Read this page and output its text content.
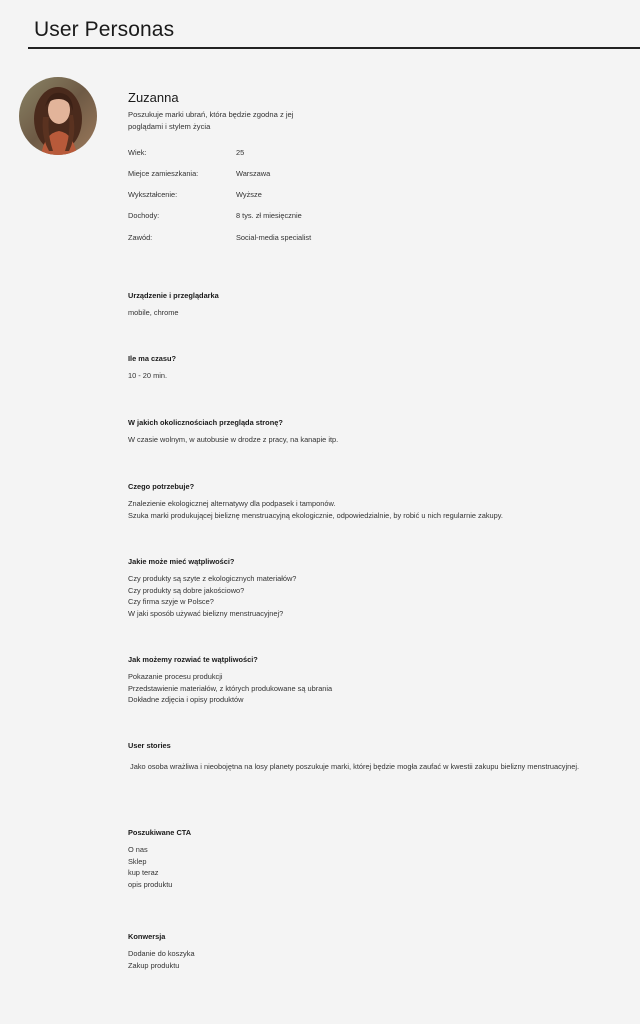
User Personas
Zuzanna
Poszukuje marki ubrań, która będzie zgodna z jej poglądami i stylem życia
Wiek:	25
Miejce zamieszkania:	Warszawa
Wykształcenie:	Wyższe
Dochody:	8 tys. zł miesięcznie
Zawód:	Social-media specialist
Urządzenie i przeglądarka
mobile, chrome
Ile ma czasu?
10 - 20 min.
W jakich okolicznościach przegląda stronę?
W czasie wolnym, w autobusie w drodze z pracy, na kanapie itp.
Czego potrzebuje?
Znalezienie ekologicznej alternatywy dla podpasek i tamponów.
Szuka marki produkującej bieliznę menstruacyjną ekologicznie, odpowiedzialnie, by robić u nich regularnie zakupy.
Jakie może mieć wątpliwości?
Czy produkty są szyte z ekologicznych materiałów?
Czy produkty są dobre jakościowo?
Czy firma szyje w Polsce?
W jaki sposób używać bielizny menstruacyjnej?
Jak możemy rozwiać te wątpliwości?
Pokazanie procesu produkcji
Przedstawienie materiałów, z których produkowane są ubrania
Dokładne zdjęcia i opisy produktów
User stories
Jako osoba wrażliwa i nieobojętna na losy planety poszukuje marki, której będzie mogła zaufać w kwestii zakupu bielizny menstruacyjnej.
Poszukiwane CTA
O nas
Sklep
kup teraz
opis produktu
Konwersja
Dodanie do koszyka
Zakup produktu
